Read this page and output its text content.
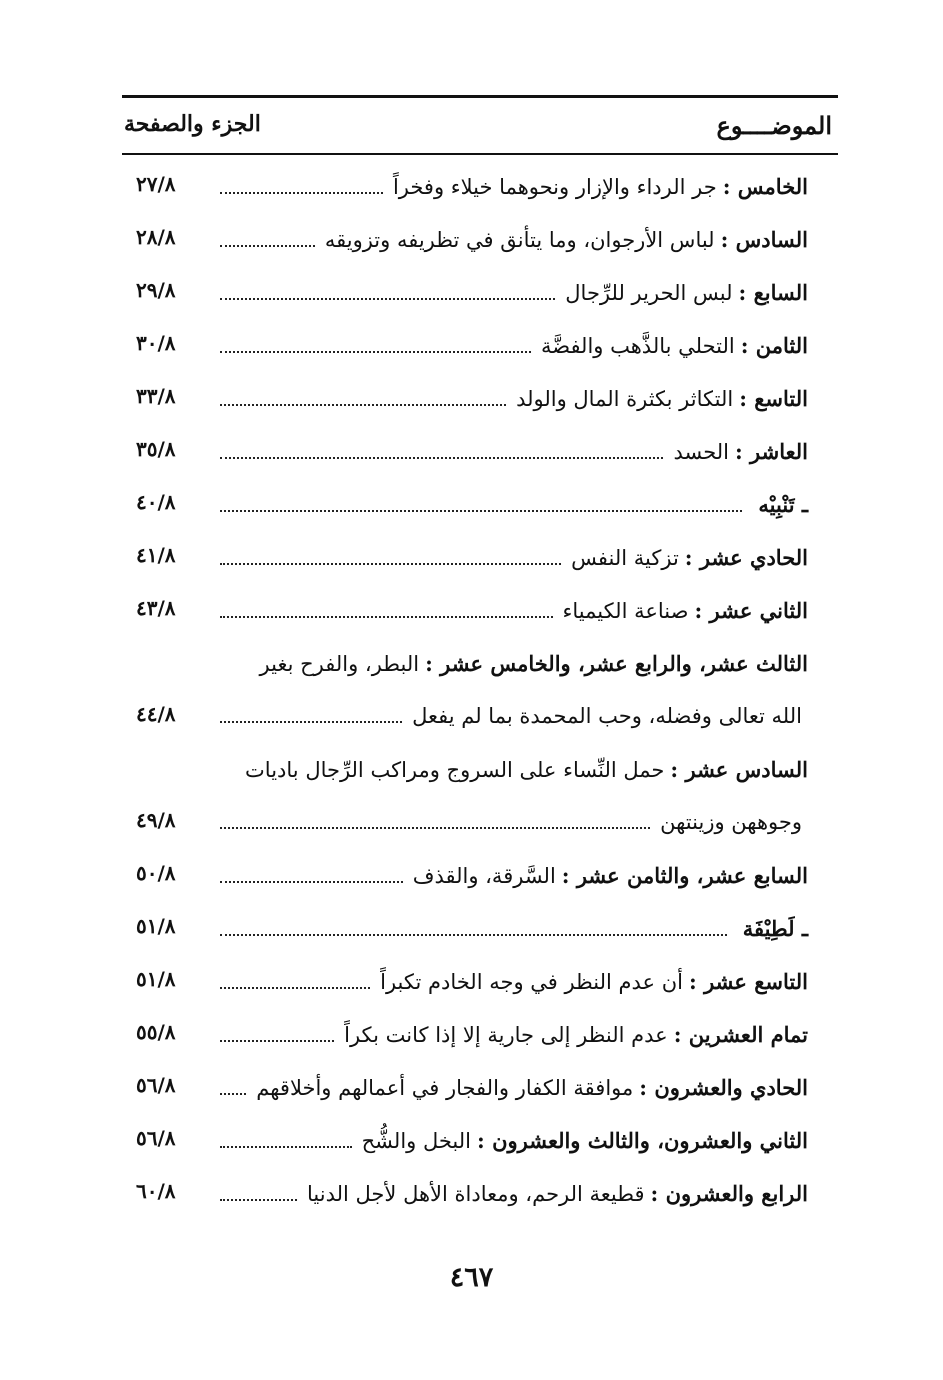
الموضــــوع
الجزء والصفحة
الخامس :
جر الرداء والإزار ونحوهما خيلاء وفخراً
٢٧/٨
السادس :
لباس الأرجوان، وما يتأنق في تظريفه وتزويقه
٢٨/٨
السابع :
لبس الحرير للرِّجال
٢٩/٨
الثامن :
التحلي بالذَّهب والفضَّة
٣٠/٨
التاسع :
التكاثر بكثرة المال والولد
٣٣/٨
العاشر :
الحسد
٣٥/٨
ـ تَنْبِيْه
٤٠/٨
الحادي عشر :
تزكية النفس
٤١/٨
الثاني عشر :
صناعة الكيمياء
٤٣/٨
الثالث عشر، والرابع عشر، والخامس عشر :
البطر، والفرح بغير
الله تعالى وفضله، وحب المحمدة بما لم يفعل
٤٤/٨
السادس عشر :
حمل النِّساء على السروج ومراكب الرِّجال باديات
وجوههن وزينتهن
٤٩/٨
السابع عشر، والثامن عشر :
السَّرقة، والقذف
٥٠/٨
ـ لَطِيْفَة
٥١/٨
التاسع عشر :
أن عدم النظر في وجه الخادم تكبراً
٥١/٨
تمام العشرين :
عدم النظر إلى جارية إلا إذا كانت بكراً
٥٥/٨
الحادي والعشرون :
موافقة الكفار والفجار في أعمالهم وأخلاقهم
٥٦/٨
الثاني والعشرون، والثالث والعشرون :
البخل والشُّح
٥٦/٨
الرابع والعشرون :
قطيعة الرحم، ومعاداة الأهل لأجل الدنيا
٦٠/٨
٤٦٧
